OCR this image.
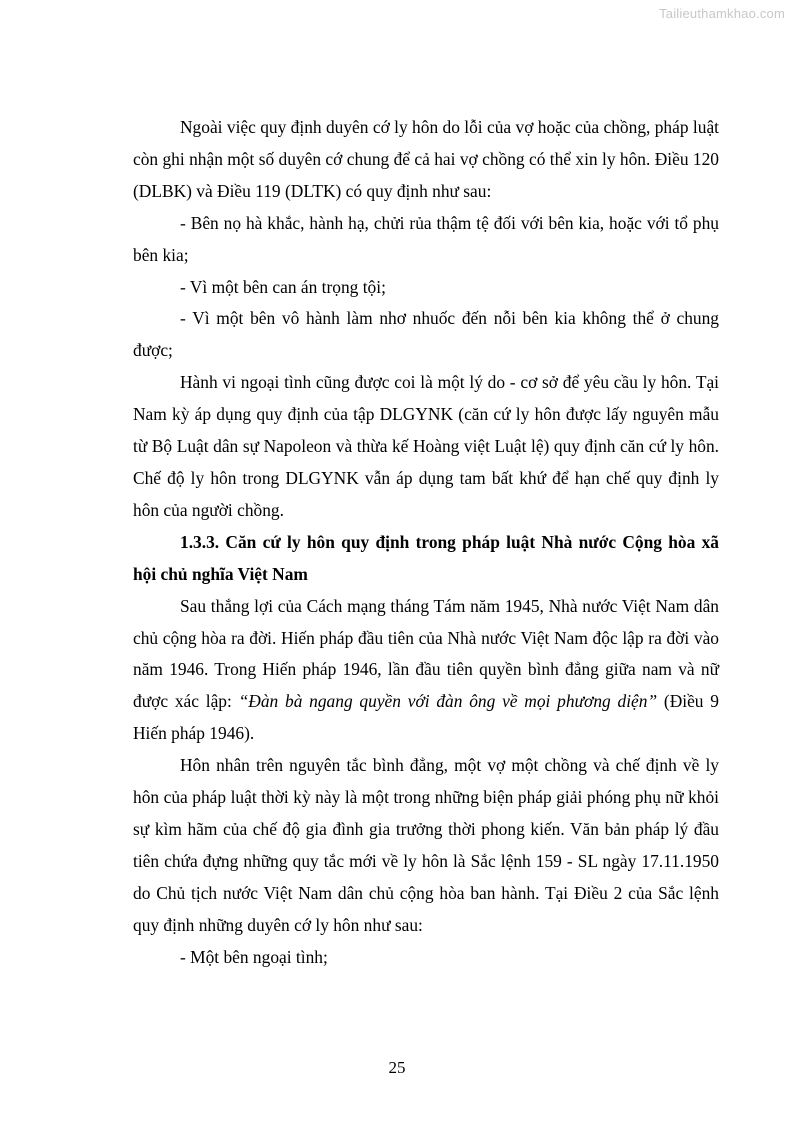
Tailieuthamkhao.com

Ngoài việc quy định duyên cớ ly hôn do lỗi của vợ hoặc của chồng, pháp luật còn ghi nhận một số duyên cớ chung để cả hai vợ chồng có thể xin ly hôn. Điều 120 (DLBK) và Điều 119 (DLTK) có quy định như sau:

- Bên nọ hà khắc, hành hạ, chửi rủa thậm tệ đối với bên kia, hoặc với tổ phụ bên kia;

- Vì một bên can án trọng tội;

- Vì một bên vô hành làm nhơ nhuốc đến nỗi bên kia không thể ở chung được;

Hành vi ngoại tình cũng được coi là một lý do - cơ sở để yêu cầu ly hôn. Tại Nam kỳ áp dụng quy định của tập DLGYNK (căn cứ ly hôn được lấy nguyên mẫu từ Bộ Luật dân sự Napoleon và thừa kế Hoàng việt Luật lệ) quy định căn cứ ly hôn. Chế độ ly hôn trong DLGYNK vẫn áp dụng tam bất khứ để hạn chế quy định ly hôn của người chồng.

1.3.3. Căn cứ ly hôn quy định trong pháp luật Nhà nước Cộng hòa xã hội chủ nghĩa Việt Nam

Sau thắng lợi của Cách mạng tháng Tám năm 1945, Nhà nước Việt Nam dân chủ cộng hòa ra đời. Hiến pháp đầu tiên của Nhà nước Việt Nam độc lập ra đời vào năm 1946. Trong Hiến pháp 1946, lần đầu tiên quyền bình đẳng giữa nam và nữ được xác lập: “Đàn bà ngang quyền với đàn ông về mọi phương diện” (Điều 9 Hiến pháp 1946).

Hôn nhân trên nguyên tắc bình đẳng, một vợ một chồng và chế định về ly hôn của pháp luật thời kỳ này là một trong những biện pháp giải phóng phụ nữ khỏi sự kìm hãm của chế độ gia đình gia trưởng thời phong kiến. Văn bản pháp lý đầu tiên chứa đựng những quy tắc mới về ly hôn là Sắc lệnh 159 - SL ngày 17.11.1950 do Chủ tịch nước Việt Nam dân chủ cộng hòa ban hành. Tại Điều 2 của Sắc lệnh quy định những duyên cớ ly hôn như sau:

- Một bên ngoại tình;

25
